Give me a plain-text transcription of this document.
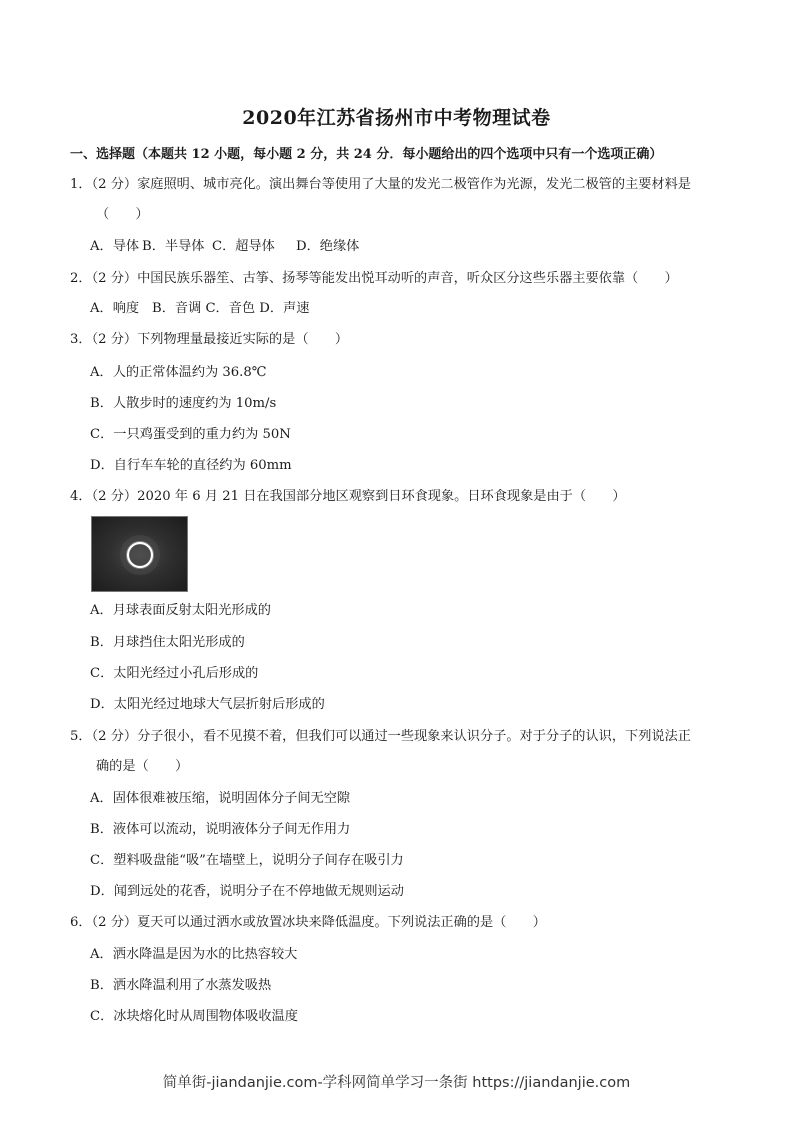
2020年江苏省扬州市中考物理试卷
一、选择题（本题共 12 小题，每小题 2 分，共 24 分．每小题给出的四个选项中只有一个选项正确）
1．（2 分）家庭照明、城市亮化。演出舞台等使用了大量的发光二极管作为光源，发光二极管的主要材料是
（　　）
A．导体 B．半导体 C．超导体 D．绝缘体
2．（2 分）中国民族乐器笙、古筝、扬琴等能发出悦耳动听的声音，听众区分这些乐器主要依靠（　　）
A．响度 B．音调 C．音色 D．声速
3．（2 分）下列物理量最接近实际的是（　　）
A．人的正常体温约为 36.8℃
B．人散步时的速度约为 10m/s
C．一只鸡蛋受到的重力约为 50N
D．自行车车轮的直径约为 60mm
4．（2 分）2020 年 6 月 21 日在我国部分地区观察到日环食现象。日环食现象是由于（　　）
A．月球表面反射太阳光形成的
B．月球挡住太阳光形成的
C．太阳光经过小孔后形成的
D．太阳光经过地球大气层折射后形成的
5．（2 分）分子很小，看不见摸不着，但我们可以通过一些现象来认识分子。对于分子的认识，下列说法正
确的是（　　）
A．固体很难被压缩，说明固体分子间无空隙
B．液体可以流动，说明液体分子间无作用力
C．塑料吸盘能“吸”在墙壁上，说明分子间存在吸引力
D．闻到远处的花香，说明分子在不停地做无规则运动
6．（2 分）夏天可以通过洒水或放置冰块来降低温度。下列说法正确的是（　　）
A．洒水降温是因为水的比热容较大
B．洒水降温利用了水蒸发吸热
C．冰块熔化时从周围物体吸收温度
简单街-jiandanjie.com-学科网简单学习一条街 https://jiandanjie.com
